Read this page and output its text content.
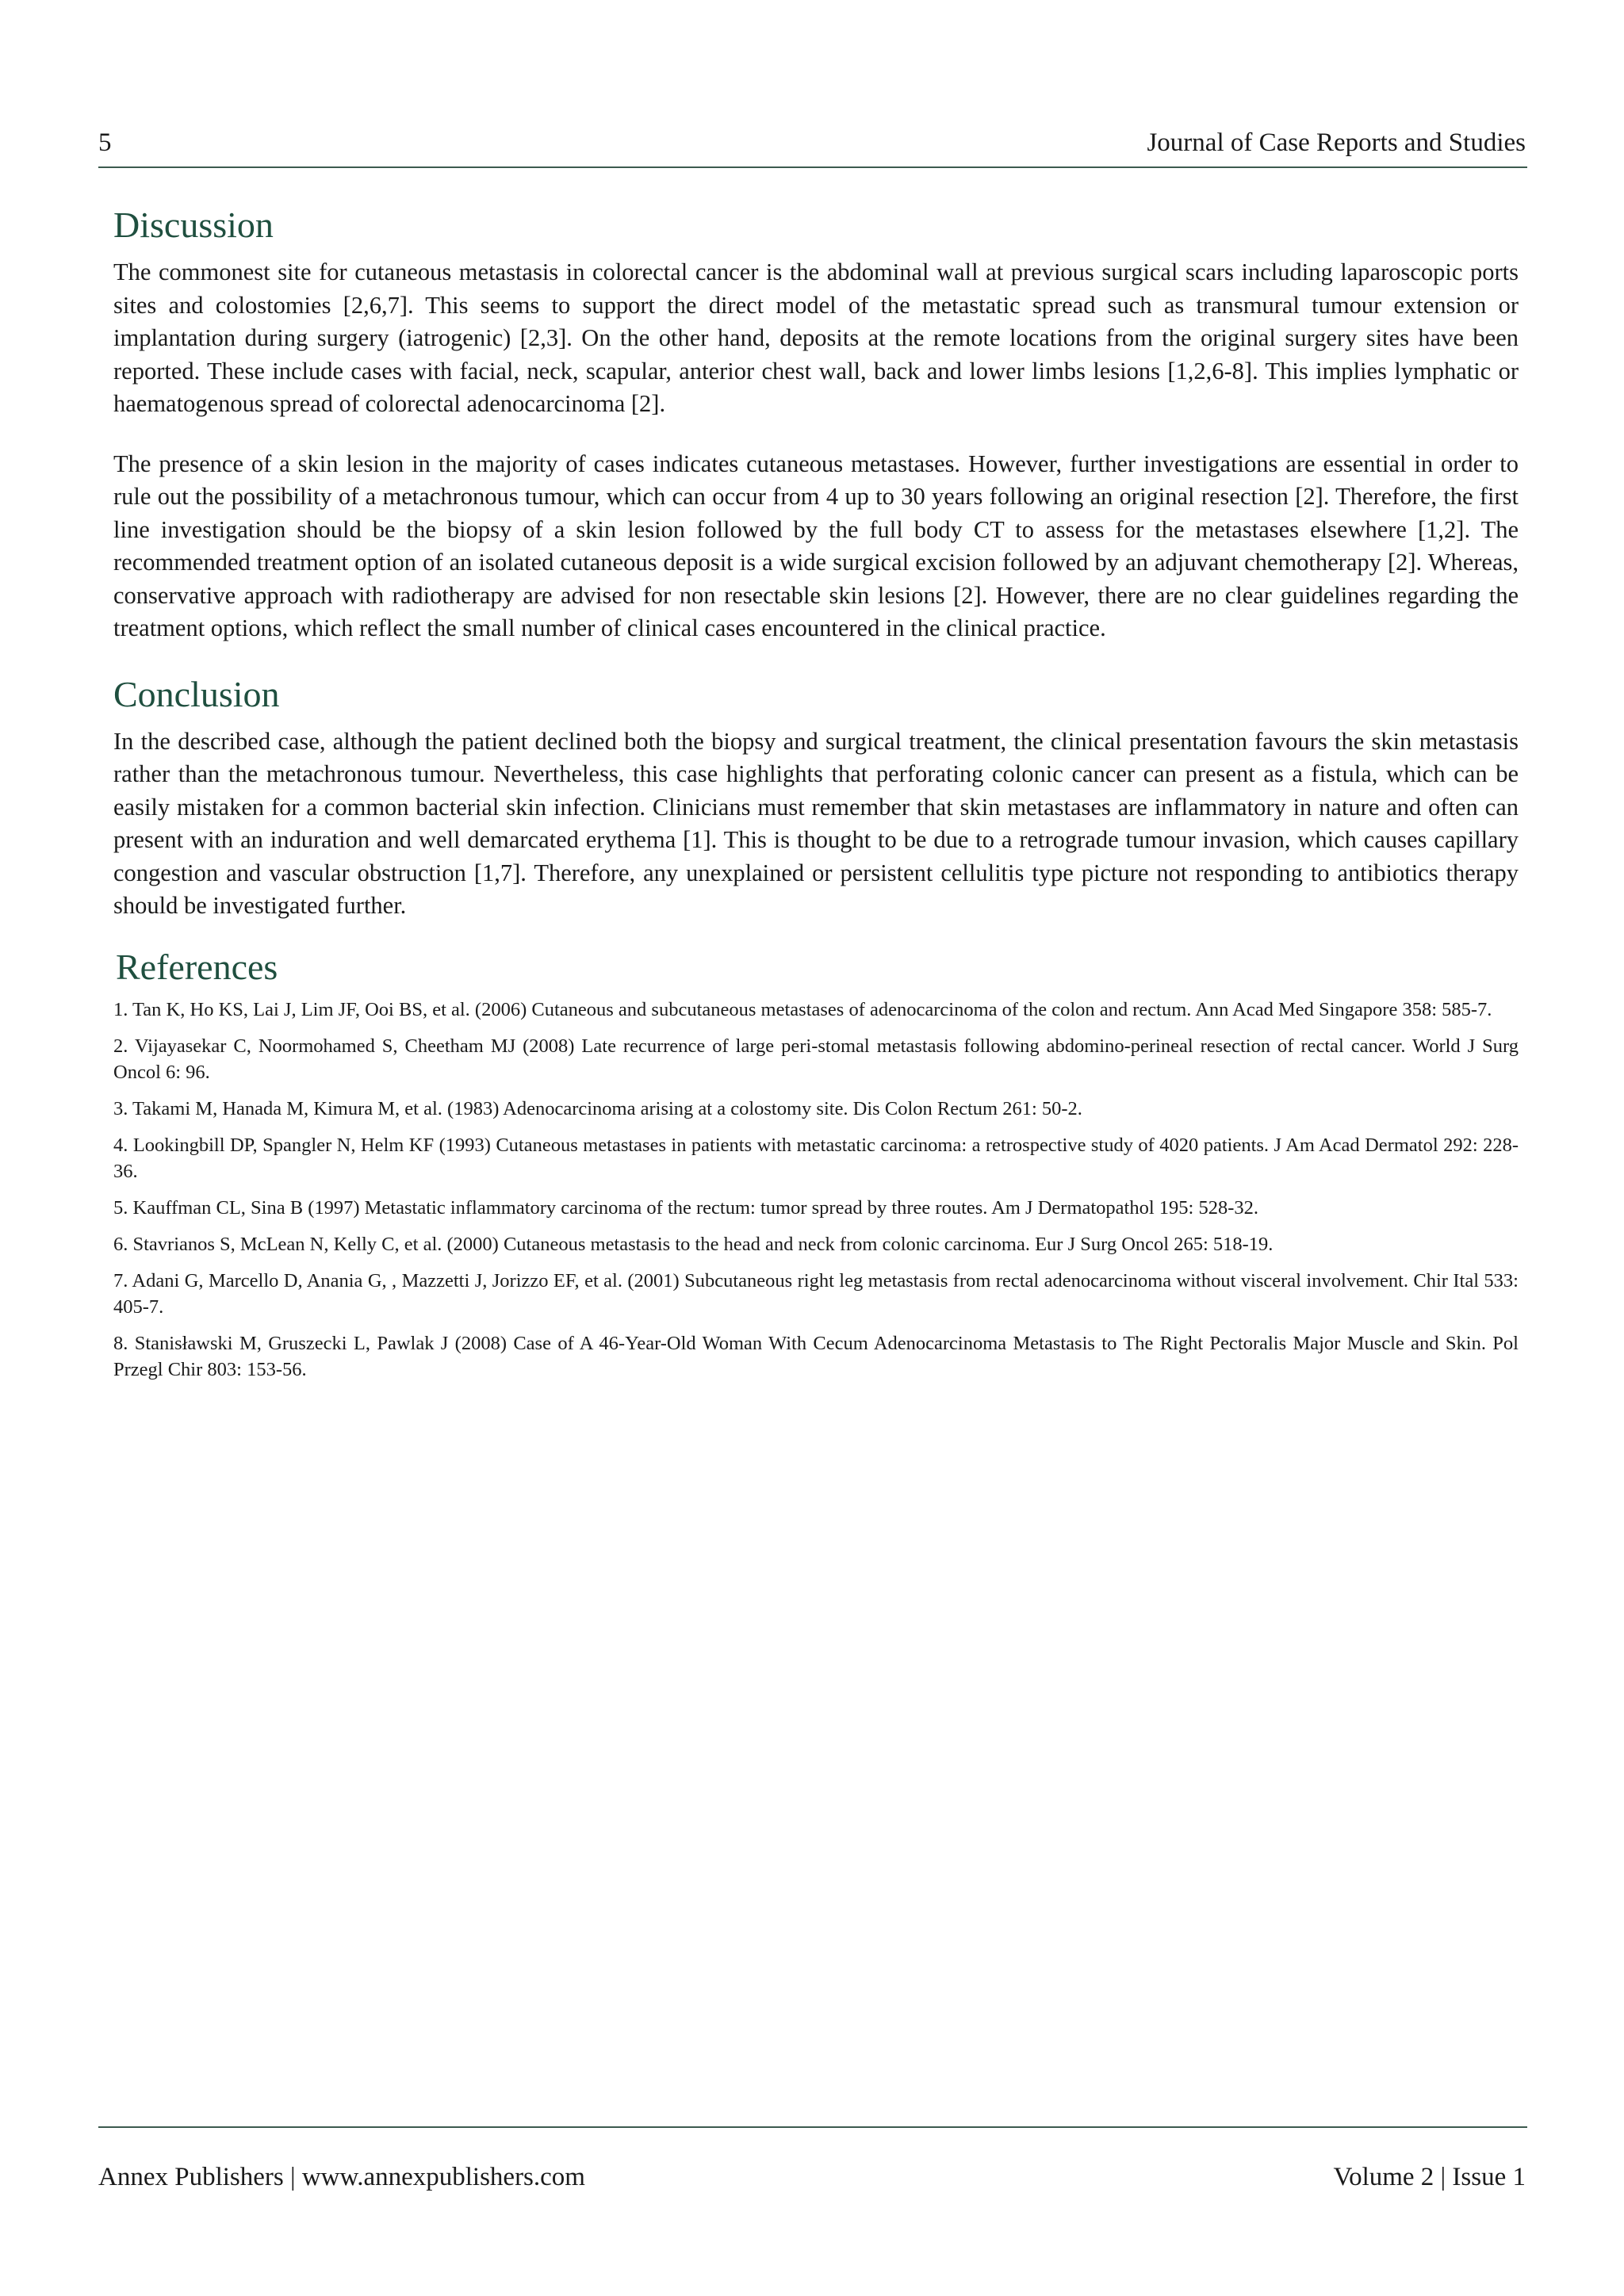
5	Journal of Case Reports and Studies
Discussion

The commonest site for cutaneous metastasis in colorectal cancer is the abdominal wall at previous surgical scars including laparoscopic ports sites and colostomies [2,6,7]. This seems to support the direct model of the metastatic spread such as transmural tumour extension or implantation during surgery (iatrogenic) [2,3]. On the other hand, deposits at the remote locations from the original surgery sites have been reported. These include cases with facial, neck, scapular, anterior chest wall, back and lower limbs lesions [1,2,6-8]. This implies lymphatic or haematogenous spread of colorectal adenocarcinoma [2].

The presence of a skin lesion in the majority of cases indicates cutaneous metastases. However, further investigations are essential in order to rule out the possibility of a metachronous tumour, which can occur from 4 up to 30 years following an original resection [2]. Therefore, the first line investigation should be the biopsy of a skin lesion followed by the full body CT to assess for the metastases elsewhere [1,2]. The recommended treatment option of an isolated cutaneous deposit is a wide surgical excision followed by an adjuvant chemotherapy [2]. Whereas, conservative approach with radiotherapy are advised for non resectable skin lesions [2]. However, there are no clear guidelines regarding the treatment options, which reflect the small number of clinical cases encountered in the clinical practice.

Conclusion

In the described case, although the patient declined both the biopsy and surgical treatment, the clinical presentation favours the skin metastasis rather than the metachronous tumour. Nevertheless, this case highlights that perforating colonic cancer can present as a fistula, which can be easily mistaken for a common bacterial skin infection. Clinicians must remember that skin metastases are inflammatory in nature and often can present with an induration and well demarcated erythema [1]. This is thought to be due to a retrograde tumour invasion, which causes capillary congestion and vascular obstruction [1,7]. Therefore, any unexplained or persistent cellulitis type picture not responding to antibiotics therapy should be investigated further.

References

1. Tan K, Ho KS, Lai J, Lim JF, Ooi BS, et al. (2006) Cutaneous and subcutaneous metastases of adenocarcinoma of the colon and rectum. Ann Acad Med Singapore 358: 585-7.

2. Vijayasekar C, Noormohamed S, Cheetham MJ (2008) Late recurrence of large peri-stomal metastasis following abdomino-perineal resection of rectal cancer. World J Surg Oncol 6: 96.

3. Takami M, Hanada M, Kimura M, et al. (1983) Adenocarcinoma arising at a colostomy site. Dis Colon Rectum 261: 50-2.

4. Lookingbill DP, Spangler N, Helm KF (1993) Cutaneous metastases in patients with metastatic carcinoma: a retrospective study of 4020 patients. J Am Acad Dermatol 292: 228-36.

5. Kauffman CL, Sina B (1997) Metastatic inflammatory carcinoma of the rectum: tumor spread by three routes. Am J Dermatopathol 195: 528-32.

6. Stavrianos S, McLean N, Kelly C, et al. (2000) Cutaneous metastasis to the head and neck from colonic carcinoma. Eur J Surg Oncol 265: 518-19.

7. Adani G, Marcello D, Anania G, , Mazzetti J, Jorizzo EF, et al. (2001) Subcutaneous right leg metastasis from rectal adenocarcinoma without visceral involvement. Chir Ital 533: 405-7.

8. Stanisławski M, Gruszecki L, Pawlak J (2008) Case of A 46-Year-Old Woman With Cecum Adenocarcinoma Metastasis to The Right Pectoralis Major Muscle and Skin. Pol Przegl Chir 803: 153-56.

Annex Publishers | www.annexpublishers.com	Volume 2 | Issue 1
